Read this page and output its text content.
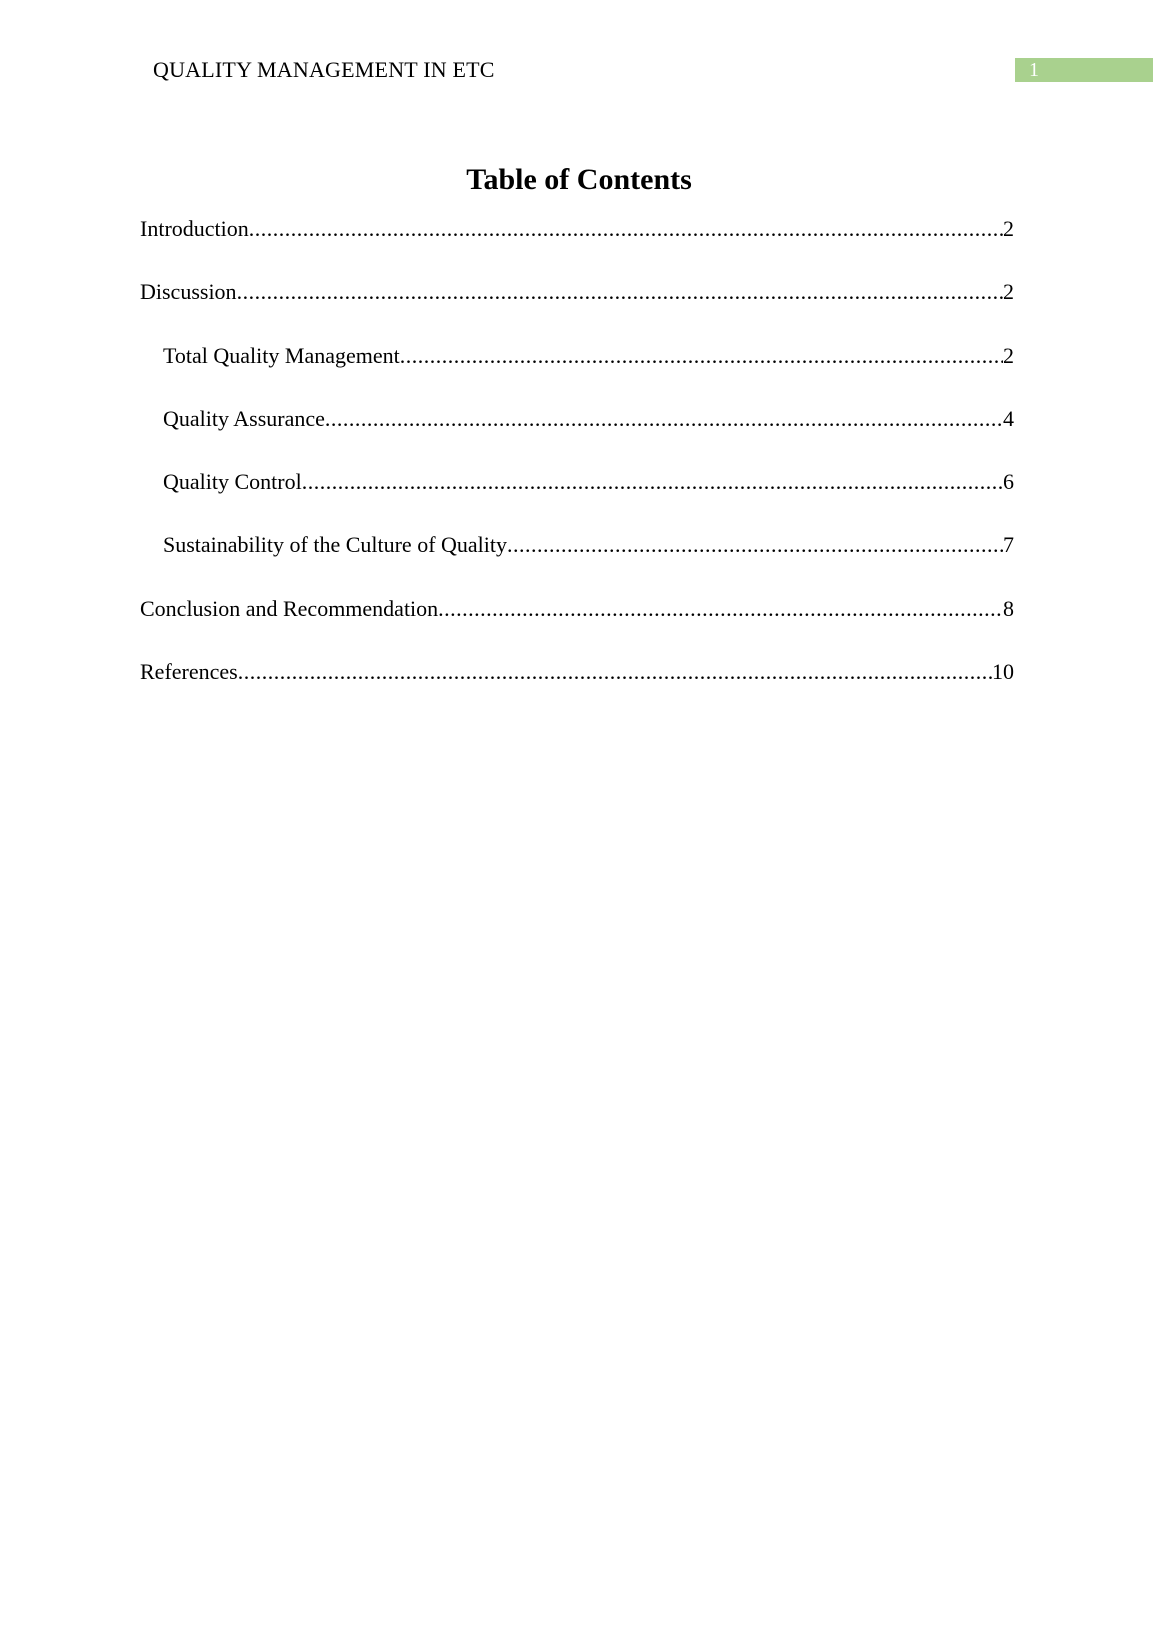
QUALITY MANAGEMENT IN ETC	1
Table of Contents
Introduction .....	2
Discussion .....	2
Total Quality Management .....	2
Quality Assurance .....	4
Quality Control .....	6
Sustainability of the Culture of Quality .....	7
Conclusion and Recommendation .....	8
References .....	10
